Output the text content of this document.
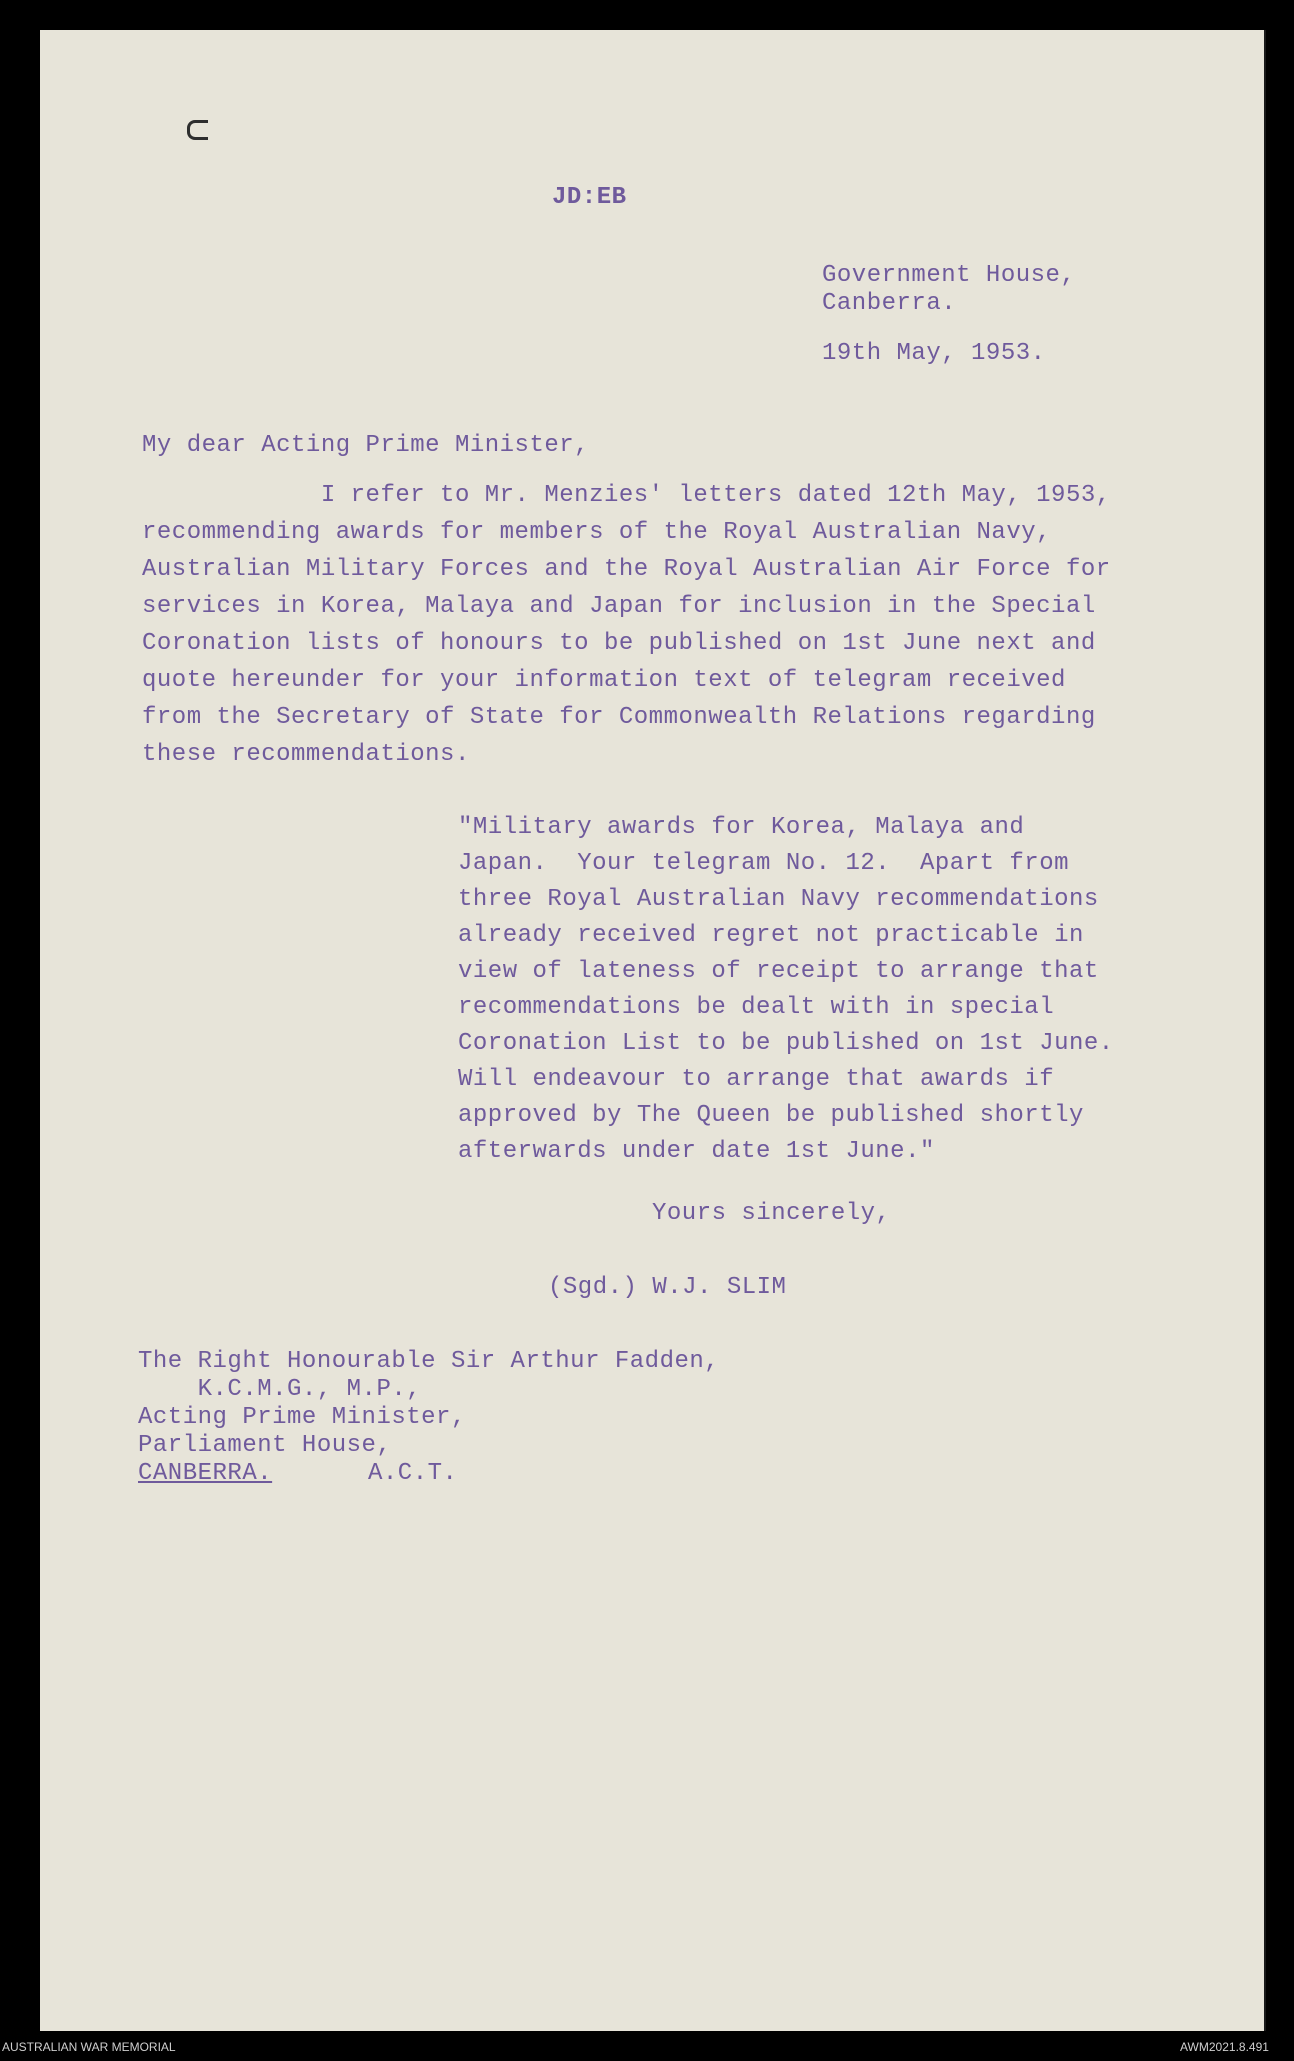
JD:EB
Government House,
Canberra.
19th May, 1953.
My dear Acting Prime Minister,
I refer to Mr. Menzies' letters dated 12th May, 1953,
recommending awards for members of the Royal Australian Navy,
Australian Military Forces and the Royal Australian Air Force for
services in Korea, Malaya and Japan for inclusion in the Special
Coronation lists of honours to be published on 1st June next and
quote hereunder for your information text of telegram received
from the Secretary of State for Commonwealth Relations regarding
these recommendations.
"Military awards for Korea, Malaya and
Japan.  Your telegram No. 12.  Apart from
three Royal Australian Navy recommendations
already received regret not practicable in
view of lateness of receipt to arrange that
recommendations be dealt with in special
Coronation List to be published on 1st June.
Will endeavour to arrange that awards if
approved by The Queen be published shortly
afterwards under date 1st June."
Yours sincerely,
(Sgd.) W.J. SLIM
The Right Honourable Sir Arthur Fadden,
K.C.M.G., M.P.,
Acting Prime Minister,
Parliament House,
CANBERRA.	A.C.T.
AUSTRALIAN WAR MEMORIAL	AWM2021.8.491
